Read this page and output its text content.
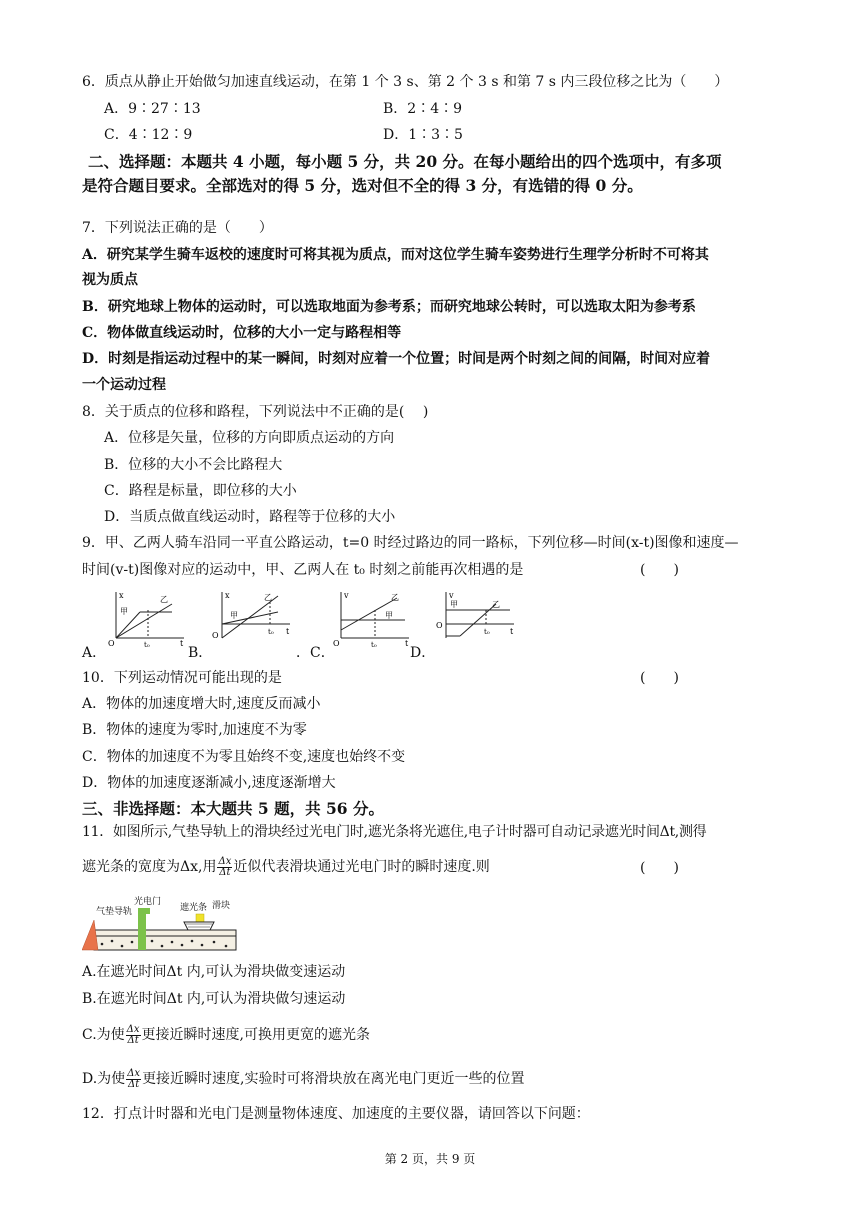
6．质点从静止开始做匀加速直线运动，在第 1 个 3 s、第 2 个 3 s 和第 7 s 内三段位移之比为（　　）
A．9∶27∶13	B．2∶4∶9
C．4∶12∶9	D．1∶3∶5
二、选择题：本题共 4 小题，每小题 5 分，共 20 分。在每小题给出的四个选项中，有多项
是符合题目要求。全部选对的得 5 分，选对但不全的得 3 分，有选错的得 0 分。
7．下列说法正确的是（　　）
A．研究某学生骑车返校的速度时可将其视为质点，而对这位学生骑车姿势进行生理学分析时不可将其
视为质点
B．研究地球上物体的运动时，可以选取地面为参考系；而研究地球公转时，可以选取太阳为参考系
C．物体做直线运动时，位移的大小一定与路程相等
D．时刻是指运动过程中的某一瞬间，时刻对应着一个位置；时间是两个时刻之间的间隔，时间对应着
一个运动过程
8．关于质点的位移和路程，下列说法中不正确的是(　 )
A．位移是矢量，位移的方向即质点运动的方向
B．位移的大小不会比路程大
C．路程是标量，即位移的大小
D．当质点做直线运动时，路程等于位移的大小
9．甲、乙两人骑车沿同一平直公路运动，t=0 时经过路边的同一路标，下列位移—时间(x-t)图像和速度—
时间(v-t)图像对应的运动中，甲、乙两人在 t₀ 时刻之前能再次相遇的是	(　　)
x
甲
乙
O	t₀	t
x
甲
乙
O	t₀ t
v
甲
乙
O	t₀	t
v
甲	乙
O
t₀	t
A．	B．	．C．	D．
10．下列运动情况可能出现的是	(　　)
A．物体的加速度增大时,速度反而减小
B．物体的速度为零时,加速度不为零
C．物体的加速度不为零且始终不变,速度也始终不变
D．物体的加速度逐渐减小,速度逐渐增大
三、非选择题：本大题共 5 题，共 56 分。
11．如图所示,气垫导轨上的滑块经过光电门时,遮光条将光遮住,电子计时器可自动记录遮光时间Δt,测得
遮光条的宽度为Δx,用 $\frac{\Delta x}{\Delta t}$ 近似代表滑块通过光电门时的瞬时速度.则	(　　)
气垫导轨
光电门
遮光条 滑块
A.在遮光时间Δt 内,可认为滑块做变速运动
B.在遮光时间Δt 内,可认为滑块做匀速运动
C.为使 $\frac{\Delta x}{\Delta t}$ 更接近瞬时速度,可换用更宽的遮光条
D.为使 $\frac{\Delta x}{\Delta t}$ 更接近瞬时速度,实验时可将滑块放在离光电门更近一些的位置
12．打点计时器和光电门是测量物体速度、加速度的主要仪器，请回答以下问题：
第 2 页，共 9 页
